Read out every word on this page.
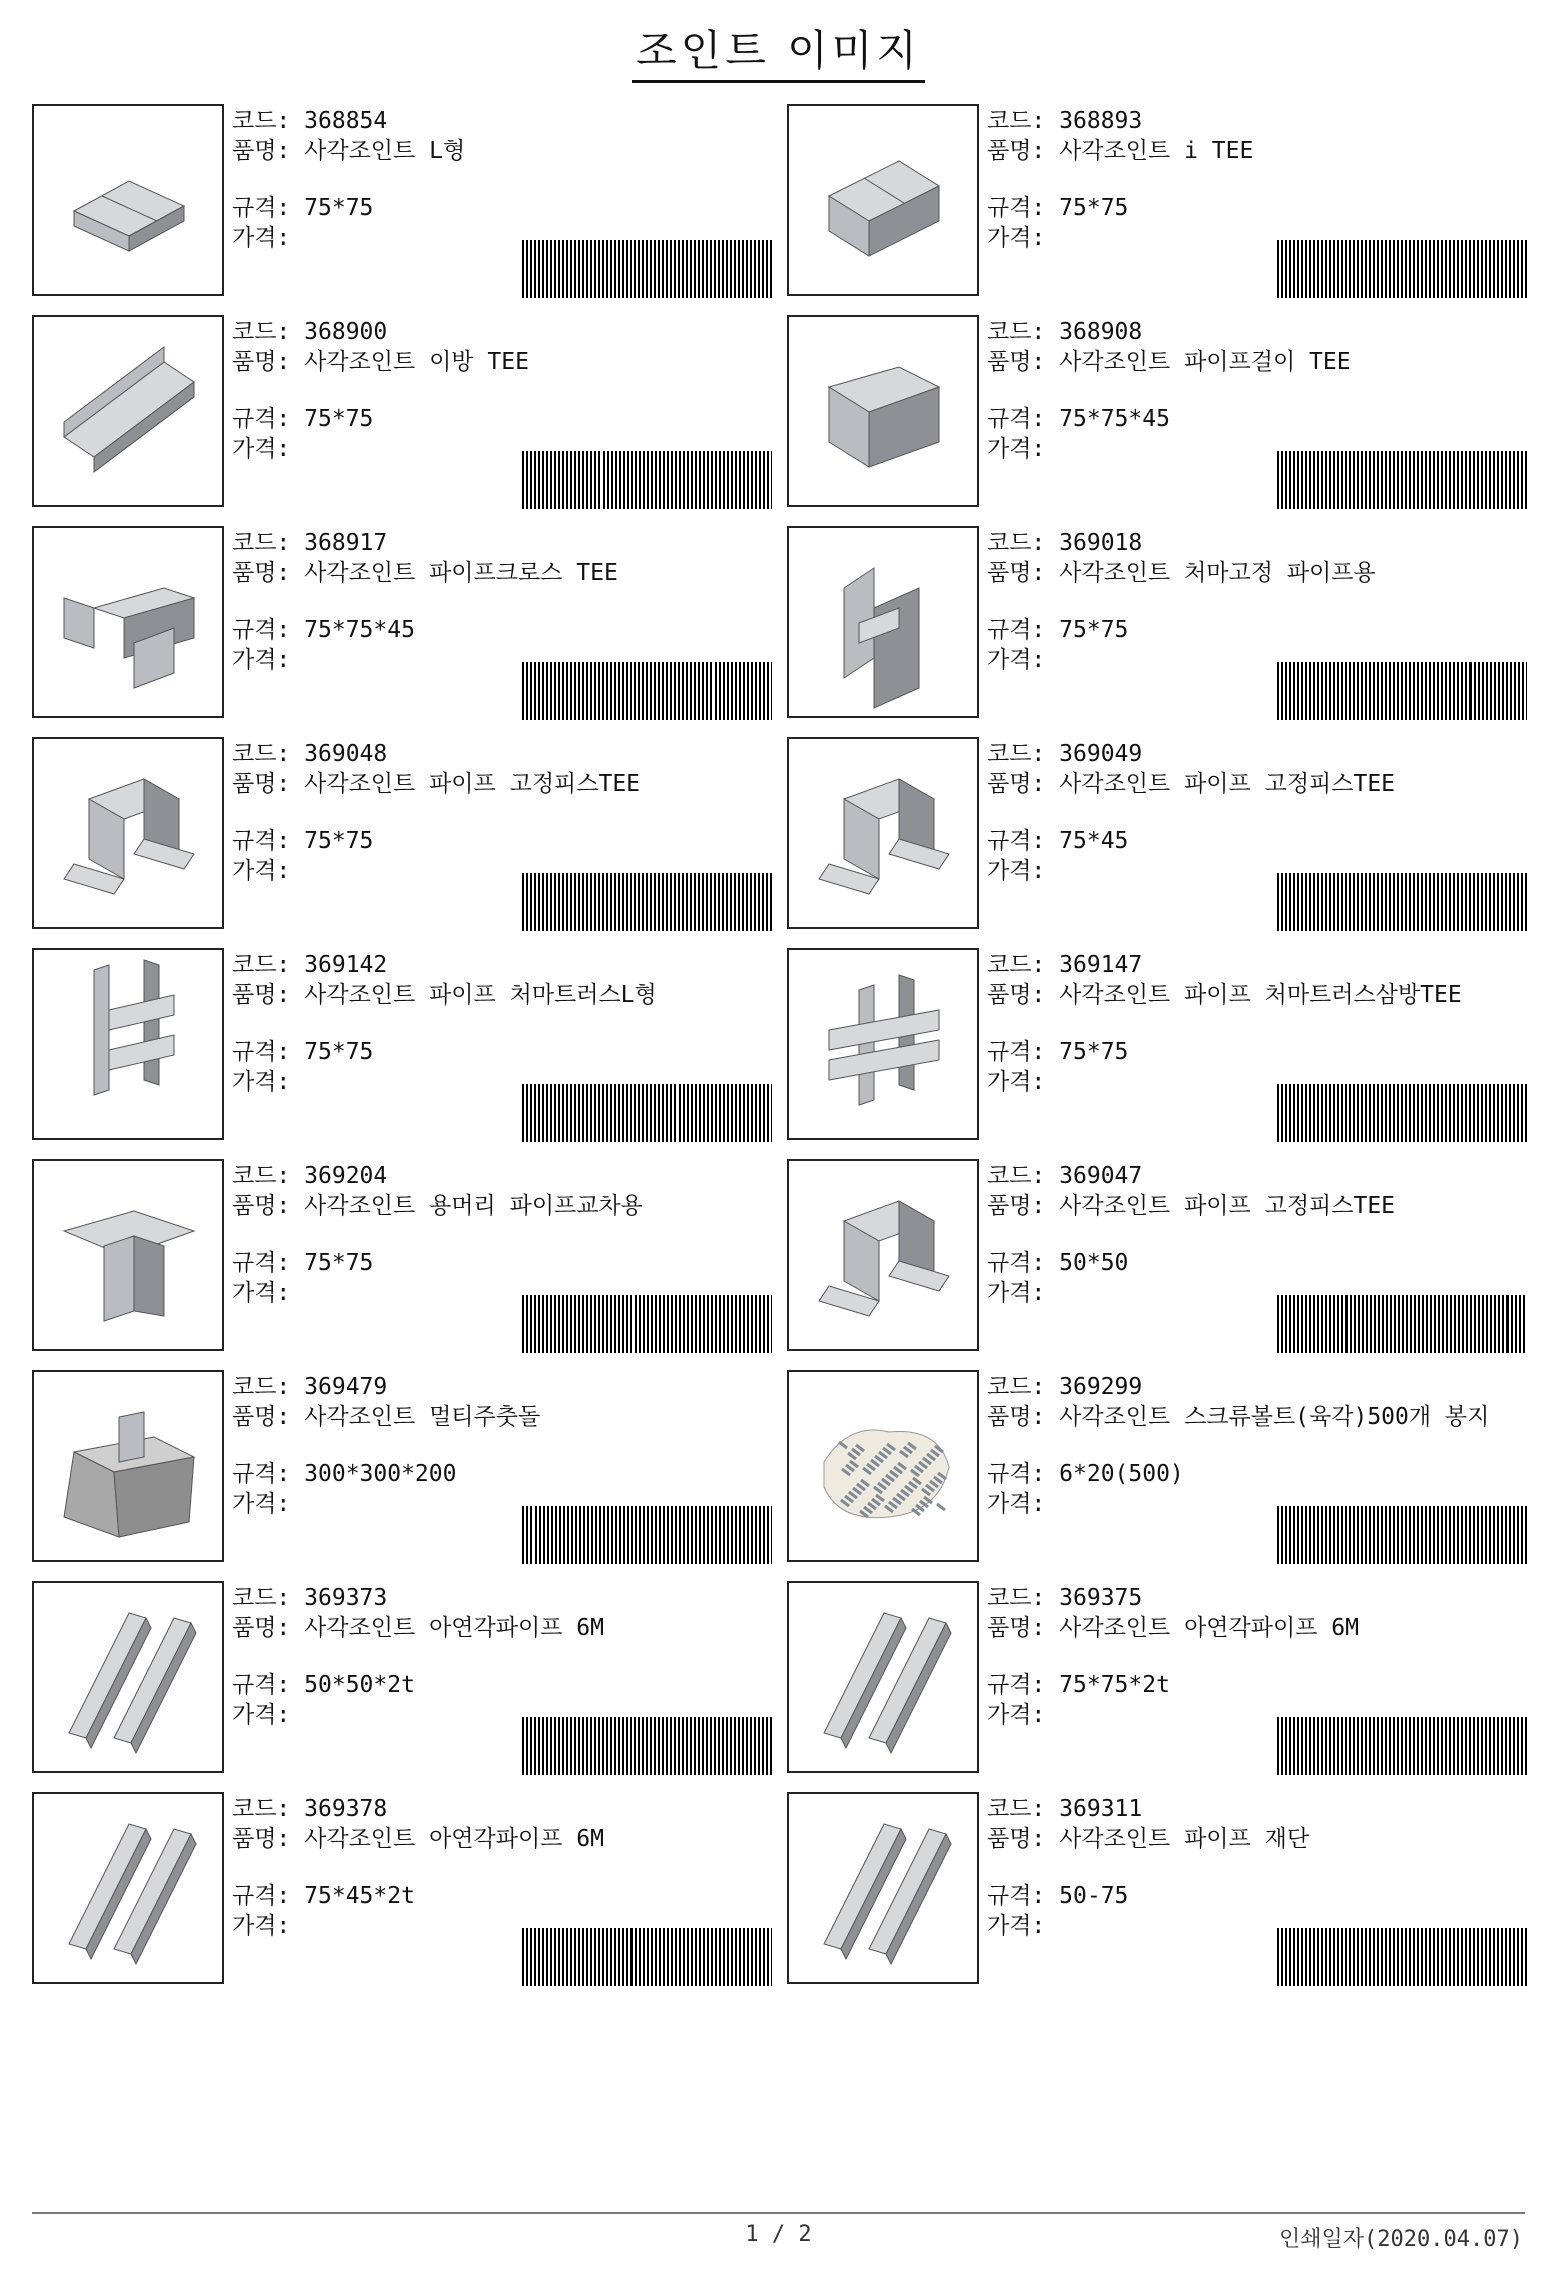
조인트 이미지
코드: 368854
품명: 사각조인트 L형
규격: 75*75
가격:
코드: 368893
품명: 사각조인트 i TEE
규격: 75*75
가격:
코드: 368900
품명: 사각조인트 이방 TEE
규격: 75*75
가격:
코드: 368908
품명: 사각조인트 파이프걸이 TEE
규격: 75*75*45
가격:
코드: 368917
품명: 사각조인트 파이프크로스 TEE
규격: 75*75*45
가격:
코드: 369018
품명: 사각조인트 처마고정 파이프용
규격: 75*75
가격:
코드: 369048
품명: 사각조인트 파이프 고정피스TEE
규격: 75*75
가격:
코드: 369049
품명: 사각조인트 파이프 고정피스TEE
규격: 75*45
가격:
코드: 369142
품명: 사각조인트 파이프 처마트러스L형
규격: 75*75
가격:
코드: 369147
품명: 사각조인트 파이프 처마트러스삼방TEE
규격: 75*75
가격:
코드: 369204
품명: 사각조인트 용머리 파이프교차용
규격: 75*75
가격:
코드: 369047
품명: 사각조인트 파이프 고정피스TEE
규격: 50*50
가격:
코드: 369479
품명: 사각조인트 멀티주춧돌
규격: 300*300*200
가격:
코드: 369299
품명: 사각조인트 스크류볼트(육각)500개 봉지
규격: 6*20(500)
가격:
코드: 369373
품명: 사각조인트 아연각파이프 6M
규격: 50*50*2t
가격:
코드: 369375
품명: 사각조인트 아연각파이프 6M
규격: 75*75*2t
가격:
코드: 369378
품명: 사각조인트 아연각파이프 6M
규격: 75*45*2t
가격:
코드: 369311
품명: 사각조인트 파이프 재단
규격: 50-75
가격:
1 / 2	인쇄일자(2020.04.07)
